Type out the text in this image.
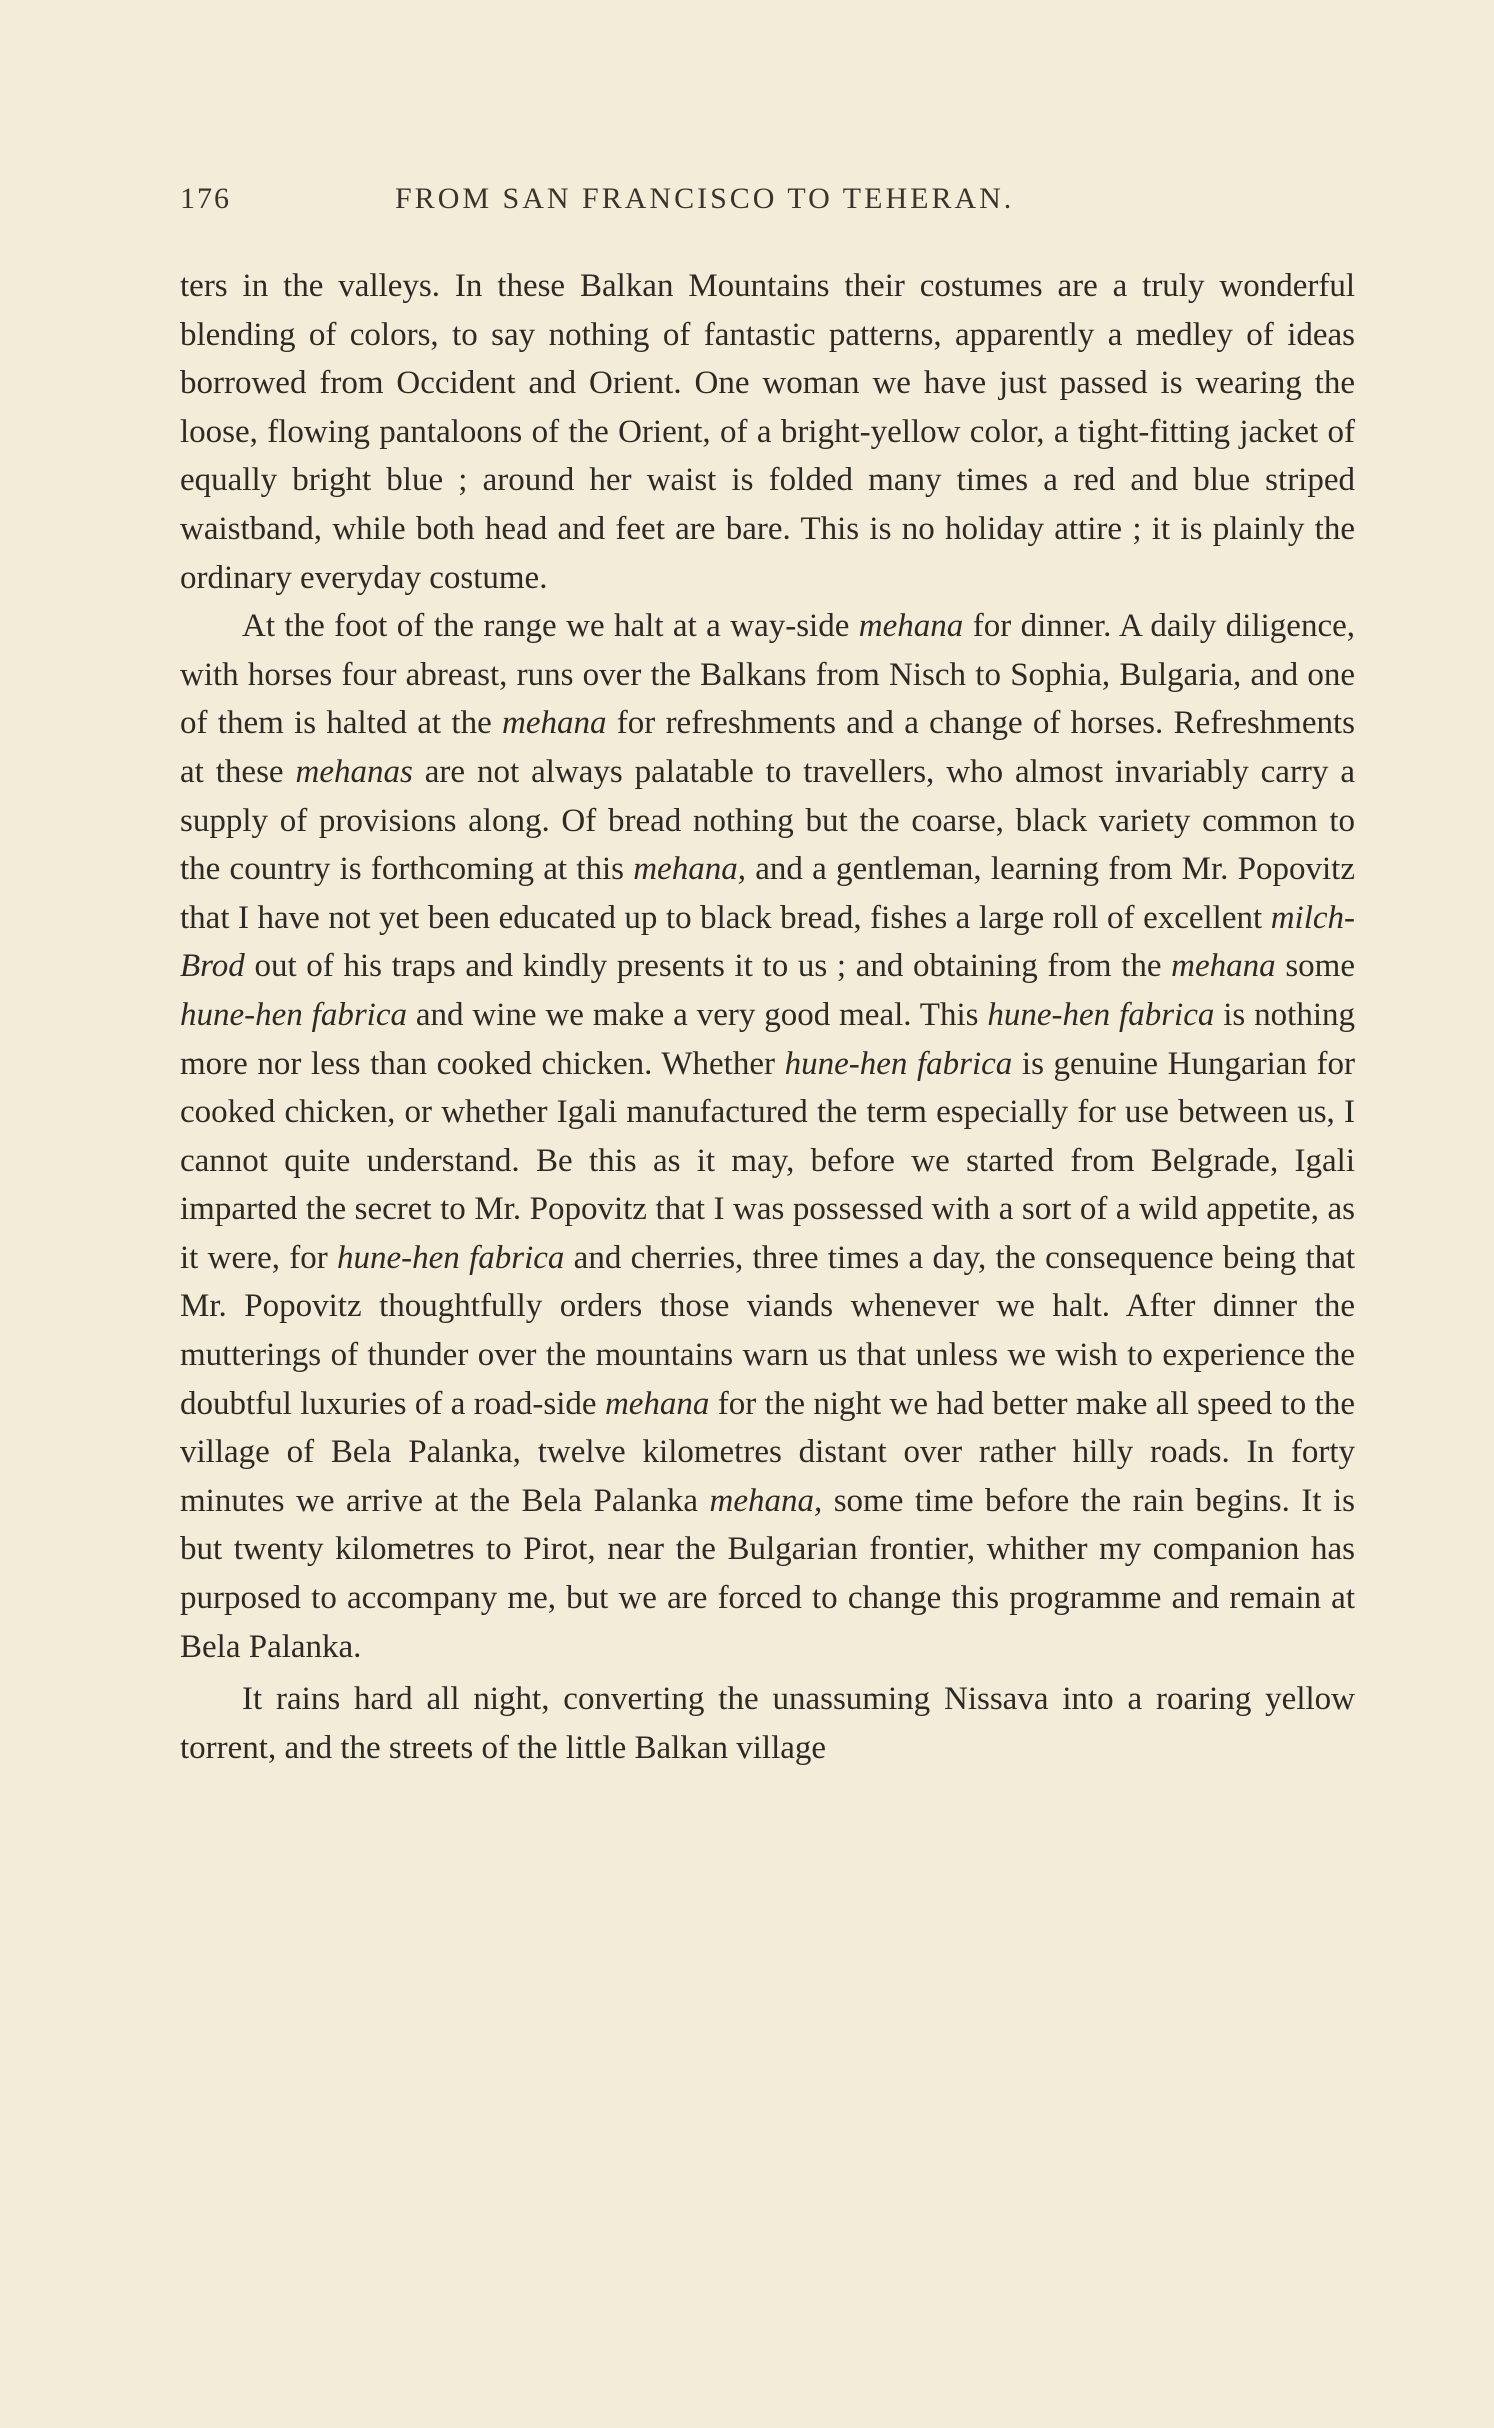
176	FROM SAN FRANCISCO TO TEHERAN.

ters in the valleys. In these Balkan Mountains their costumes are a truly wonderful blending of colors, to say nothing of fantastic patterns, apparently a medley of ideas borrowed from Occident and Orient. One woman we have just passed is wearing the loose, flowing pantaloons of the Orient, of a bright-yellow color, a tight-fitting jacket of equally bright blue ; around her waist is folded many times a red and blue striped waistband, while both head and feet are bare. This is no holiday attire ; it is plainly the ordinary everyday costume.

At the foot of the range we halt at a way-side mehana for dinner. A daily diligence, with horses four abreast, runs over the Balkans from Nisch to Sophia, Bulgaria, and one of them is halted at the mehana for refreshments and a change of horses. Refreshments at these mehanas are not always palatable to travellers, who almost invariably carry a supply of provisions along. Of bread nothing but the coarse, black variety common to the country is forthcoming at this mehana, and a gentleman, learning from Mr. Popovitz that I have not yet been educated up to black bread, fishes a large roll of excellent milch-Brod out of his traps and kindly presents it to us ; and obtaining from the mehana some hune-hen fabrica and wine we make a very good meal. This hune-hen fabrica is nothing more nor less than cooked chicken. Whether hune-hen fabrica is genuine Hungarian for cooked chicken, or whether Igali manufactured the term especially for use between us, I cannot quite understand. Be this as it may, before we started from Belgrade, Igali imparted the secret to Mr. Popovitz that I was possessed with a sort of a wild appetite, as it were, for hune-hen fabrica and cherries, three times a day, the consequence being that Mr. Popovitz thoughtfully orders those viands whenever we halt. After dinner the mutterings of thunder over the mountains warn us that unless we wish to experience the doubtful luxuries of a road-side mehana for the night we had better make all speed to the village of Bela Palanka, twelve kilometres distant over rather hilly roads. In forty minutes we arrive at the Bela Palanka mehana, some time before the rain begins. It is but twenty kilometres to Pirot, near the Bulgarian frontier, whither my companion has purposed to accompany me, but we are forced to change this programme and remain at Bela Palanka.

It rains hard all night, converting the unassuming Nissava into a roaring yellow torrent, and the streets of the little Balkan village
